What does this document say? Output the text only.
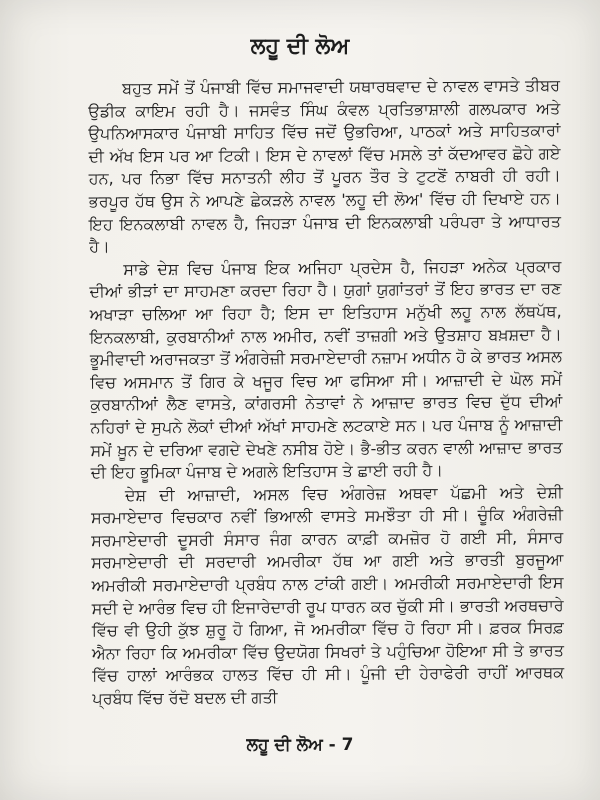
ਲਹੂ ਦੀ ਲੋਅ

ਬਹੁਤ ਸਮੇਂ ਤੋਂ ਪੰਜਾਬੀ ਵਿੱਚ ਸਮਾਜਵਾਦੀ ਯਥਾਰਥਵਾਦ ਦੇ ਨਾਵਲ ਵਾਸਤੇ ਤੀਬਰ ਉਡੀਕ ਕਾਇਮ ਰਹੀ ਹੈ। ਜਸਵੰਤ ਸਿੰਘ ਕੰਵਲ ਪ੍ਰਤਿਭਾਸ਼ਾਲੀ ਗਲਪਕਾਰ ਅਤੇ ਉਪਨਿਆਸਕਾਰ ਪੰਜਾਬੀ ਸਾਹਿਤ ਵਿੱਚ ਜਦੋਂ ਉਭਰਿਆ, ਪਾਠਕਾਂ ਅਤੇ ਸਾਹਿਤਕਾਰਾਂ ਦੀ ਅੱਖ ਇਸ ਪਰ ਆ ਟਿਕੀ। ਇਸ ਦੇ ਨਾਵਲਾਂ ਵਿੱਚ ਮਸਲੇ ਤਾਂ ਕੱਦਆਵਰ ਛੋਹੇ ਗਏ ਹਨ, ਪਰ ਨਿਭਾ ਵਿੱਚ ਸਨਾਤਨੀ ਲੀਹ ਤੋਂ ਪੂਰਨ ਤੌਰ ਤੇ ਟੁਟਣੋਂ ਨਾਬਰੀ ਹੀ ਰਹੀ। ਭਰਪੂਰ ਹੱਥ ਉਸ ਨੇ ਆਪਣੇ ਛੇਕੜਲੇ ਨਾਵਲ 'ਲਹੂ ਦੀ ਲੋਅ' ਵਿੱਚ ਹੀ ਦਿਖਾਏ ਹਨ। ਇਹ ਇਨਕਲਾਬੀ ਨਾਵਲ ਹੈ, ਜਿਹੜਾ ਪੰਜਾਬ ਦੀ ਇਨਕਲਾਬੀ ਪਰੰਪਰਾ ਤੇ ਆਧਾਰਤ ਹੈ।

ਸਾਡੇ ਦੇਸ਼ ਵਿਚ ਪੰਜਾਬ ਇਕ ਅਜਿਹਾ ਪ੍ਰਦੇਸ ਹੈ, ਜਿਹੜਾ ਅਨੇਕ ਪ੍ਰਕਾਰ ਦੀਆਂ ਭੀੜਾਂ ਦਾ ਸਾਹਮਣਾ ਕਰਦਾ ਰਿਹਾ ਹੈ। ਯੁਗਾਂ ਯੁਗਾਂਤਰਾਂ ਤੋਂ ਇਹ ਭਾਰਤ ਦਾ ਰਣ ਅਖਾੜਾ ਚਲਿਆ ਆ ਰਿਹਾ ਹੈ; ਇਸ ਦਾ ਇਤਿਹਾਸ ਮਨੁੱਖੀ ਲਹੂ ਨਾਲ ਲੱਥਪੱਥ, ਇਨਕਲਾਬੀ, ਕੁਰਬਾਨੀਆਂ ਨਾਲ ਅਮੀਰ, ਨਵੀਂ ਤਾਜ਼ਗੀ ਅਤੇ ਉਤਸ਼ਾਹ ਬਖ਼ਸ਼ਦਾ ਹੈ। ਭੂਮੀਵਾਦੀ ਅਰਾਜਕਤਾ ਤੋਂ ਅੰਗਰੇਜ਼ੀ ਸਰਮਾਏਦਾਰੀ ਨਜ਼ਾਮ ਅਧੀਨ ਹੋ ਕੇ ਭਾਰਤ ਅਸਲ ਵਿਚ ਅਸਮਾਨ ਤੋਂ ਗਿਰ ਕੇ ਖਜੂਰ ਵਿਚ ਆ ਫਸਿਆ ਸੀ। ਆਜ਼ਾਦੀ ਦੇ ਘੋਲ ਸਮੇਂ ਕੁਰਬਾਨੀਆਂ ਲੈਣ ਵਾਸਤੇ, ਕਾਂਗਰਸੀ ਨੇਤਾਵਾਂ ਨੇ ਆਜ਼ਾਦ ਭਾਰਤ ਵਿਚ ਦੁੱਧ ਦੀਆਂ ਨਹਿਰਾਂ ਦੇ ਸੁਪਨੇ ਲੋਕਾਂ ਦੀਆਂ ਅੱਖਾਂ ਸਾਹਮਣੇ ਲਟਕਾਏ ਸਨ। ਪਰ ਪੰਜਾਬ ਨੂੰ ਆਜ਼ਾਦੀ ਸਮੇਂ ਖ਼ੂਨ ਦੇ ਦਰਿਆ ਵਗਦੇ ਦੇਖਣੇ ਨਸੀਬ ਹੋਏ। ਭੈ-ਭੀਤ ਕਰਨ ਵਾਲੀ ਆਜ਼ਾਦ ਭਾਰਤ ਦੀ ਇਹ ਭੂਮਿਕਾ ਪੰਜਾਬ ਦੇ ਅਗਲੇ ਇਤਿਹਾਸ ਤੇ ਛਾਈ ਰਹੀ ਹੈ।

ਦੇਸ਼ ਦੀ ਆਜ਼ਾਦੀ, ਅਸਲ ਵਿਚ ਅੰਗਰੇਜ਼ ਅਥਵਾ ਪੱਛਮੀ ਅਤੇ ਦੇਸ਼ੀ ਸਰਮਾਏਦਾਰ ਵਿਚਕਾਰ ਨਵੀਂ ਭਿਆਲੀ ਵਾਸਤੇ ਸਮਝੌਤਾ ਹੀ ਸੀ। ਚੂੰਕਿ ਅੰਗਰੇਜ਼ੀ ਸਰਮਾਏਦਾਰੀ ਦੂਸਰੀ ਸੰਸਾਰ ਜੰਗ ਕਾਰਨ ਕਾਫ਼ੀ ਕਮਜ਼ੋਰ ਹੋ ਗਈ ਸੀ, ਸੰਸਾਰ ਸਰਮਾਏਦਾਰੀ ਦੀ ਸਰਦਾਰੀ ਅਮਰੀਕਾ ਹੱਥ ਆ ਗਈ ਅਤੇ ਭਾਰਤੀ ਬੁਰਜੂਆ ਅਮਰੀਕੀ ਸਰਮਾਏਦਾਰੀ ਪ੍ਰਬੰਧ ਨਾਲ ਟਾਂਕੀ ਗਈ। ਅਮਰੀਕੀ ਸਰਮਾਏਦਾਰੀ ਇਸ ਸਦੀ ਦੇ ਆਰੰਭ ਵਿਚ ਹੀ ਇਜਾਰੇਦਾਰੀ ਰੂਪ ਧਾਰਨ ਕਰ ਚੁੱਕੀ ਸੀ। ਭਾਰਤੀ ਅਰਥਚਾਰੇ ਵਿੱਚ ਵੀ ਉਹੀ ਕੁੱਝ ਸ਼ੁਰੂ ਹੋ ਗਿਆ, ਜੋ ਅਮਰੀਕਾ ਵਿੱਚ ਹੋ ਰਿਹਾ ਸੀ। ਫ਼ਰਕ ਸਿਰਫ਼ ਐਨਾ ਰਿਹਾ ਕਿ ਅਮਰੀਕਾ ਵਿੱਚ ਉਦਯੋਗ ਸਿਖਰਾਂ ਤੇ ਪਹੁੰਚਿਆ ਹੋਇਆ ਸੀ ਤੇ ਭਾਰਤ ਵਿੱਚ ਹਾਲਾਂ ਆਰੰਭਕ ਹਾਲਤ ਵਿੱਚ ਹੀ ਸੀ। ਪੂੰਜੀ ਦੀ ਹੇਰਾਫੇਰੀ ਰਾਹੀਂ ਆਰਥਕ ਪ੍ਰਬੰਧ ਵਿੱਚ ਰੱਦੋ ਬਦਲ ਦੀ ਗਤੀ

ਲਹੂ ਦੀ ਲੋਅ - 7
